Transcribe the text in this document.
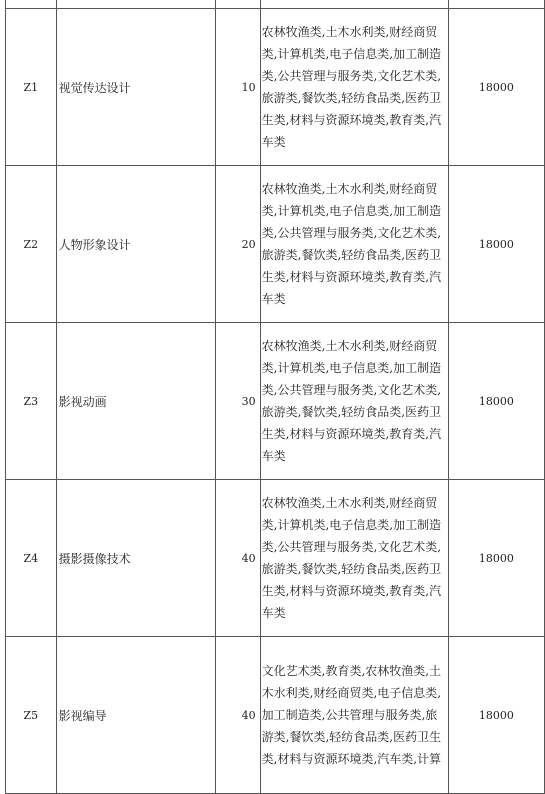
Z1	视觉传达设计	10	农林牧渔类,土木水利类,财经商贸类,计算机类,电子信息类,加工制造类,公共管理与服务类,文化艺术类,旅游类,餐饮类,轻纺食品类,医药卫生类,材料与资源环境类,教育类,汽车类	18000
Z2	人物形象设计	20	农林牧渔类,土木水利类,财经商贸类,计算机类,电子信息类,加工制造类,公共管理与服务类,文化艺术类,旅游类,餐饮类,轻纺食品类,医药卫生类,材料与资源环境类,教育类,汽车类	18000
Z3	影视动画	30	农林牧渔类,土木水利类,财经商贸类,计算机类,电子信息类,加工制造类,公共管理与服务类,文化艺术类,旅游类,餐饮类,轻纺食品类,医药卫生类,材料与资源环境类,教育类,汽车类	18000
Z4	摄影摄像技术	40	农林牧渔类,土木水利类,财经商贸类,计算机类,电子信息类,加工制造类,公共管理与服务类,文化艺术类,旅游类,餐饮类,轻纺食品类,医药卫生类,材料与资源环境类,教育类,汽车类	18000
Z5	影视编导	40	文化艺术类,教育类,农林牧渔类,土木水利类,财经商贸类,电子信息类,加工制造类,公共管理与服务类,旅游类,餐饮类,轻纺食品类,医药卫生类,材料与资源环境类,汽车类,计算	18000
